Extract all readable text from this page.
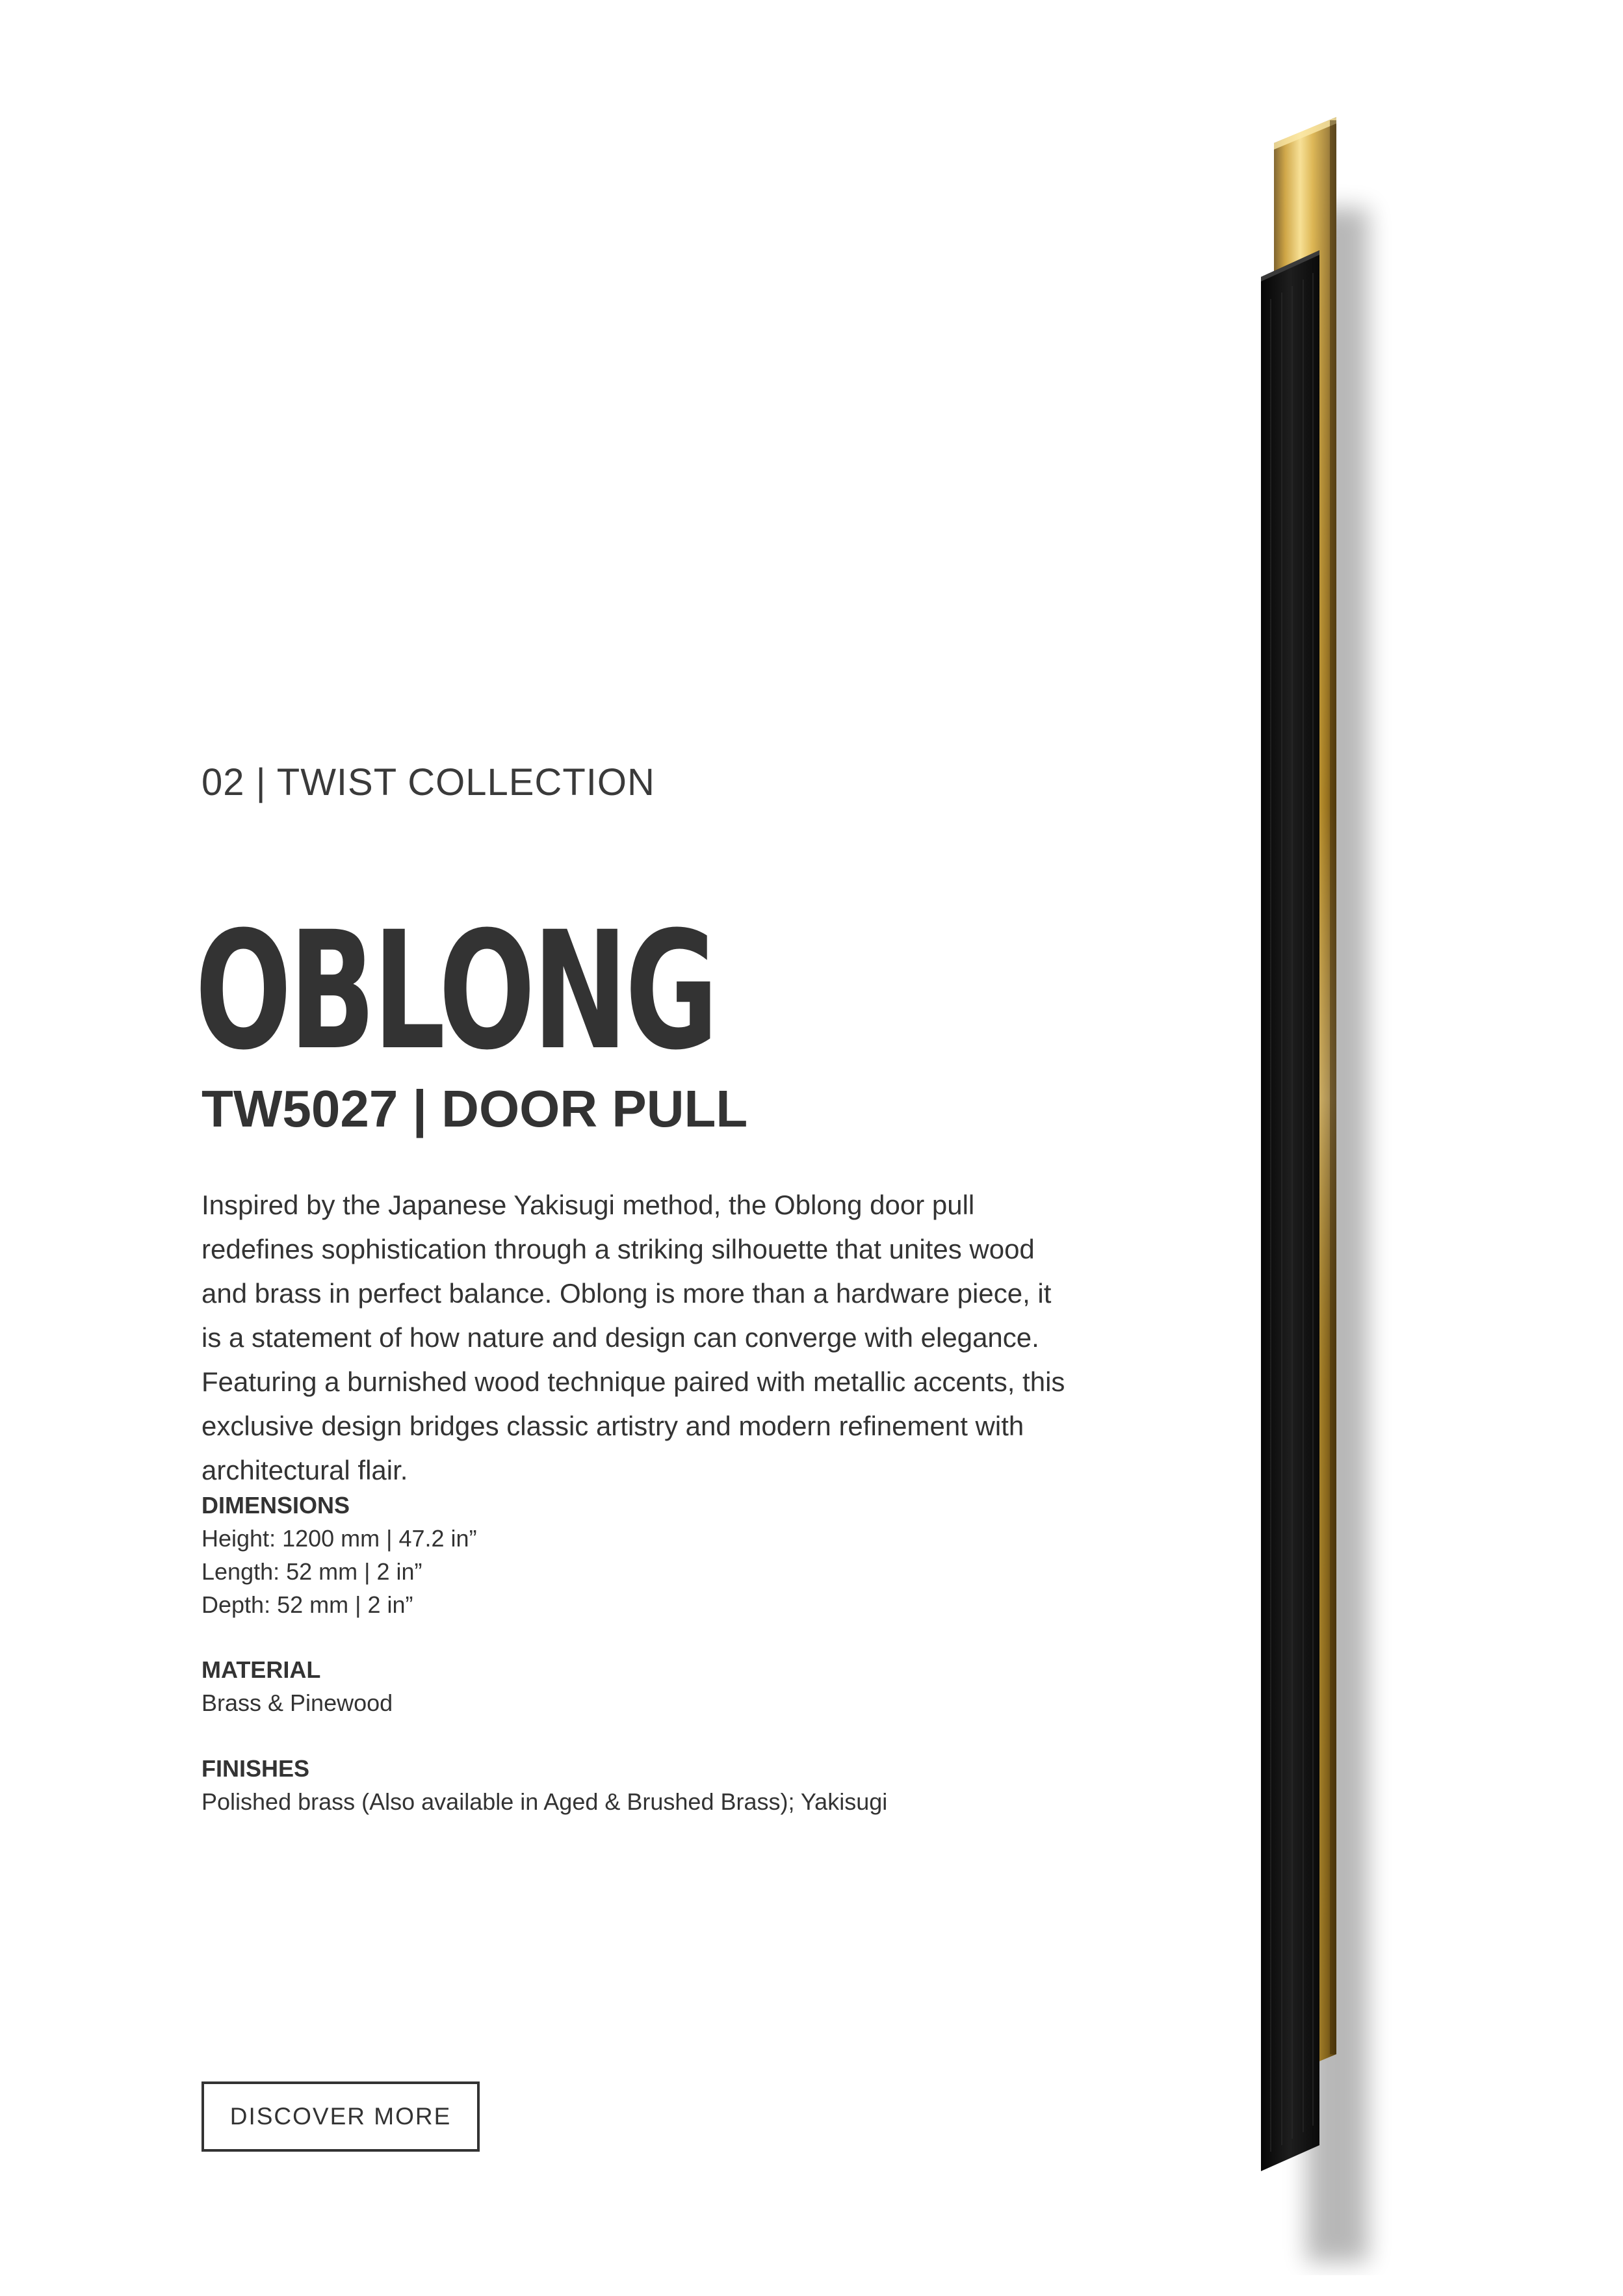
02 | TWIST COLLECTION
OBLONG
TW5027 | DOOR PULL

Inspired by the Japanese Yakisugi method, the Oblong door pull redefines sophistication through a striking silhouette that unites wood and brass in perfect balance. Oblong is more than a hardware piece, it is a statement of how nature and design can converge with elegance. Featuring a burnished wood technique paired with metallic accents, this exclusive design bridges classic artistry and modern refinement with architectural flair.

DIMENSIONS
Height: 1200 mm | 47.2 in”
Length: 52 mm | 2 in”
Depth: 52 mm | 2 in”
MATERIAL
Brass & Pinewood
FINISHES
Polished brass (Also available in Aged & Brushed Brass); Yakisugi
DISCOVER MORE
